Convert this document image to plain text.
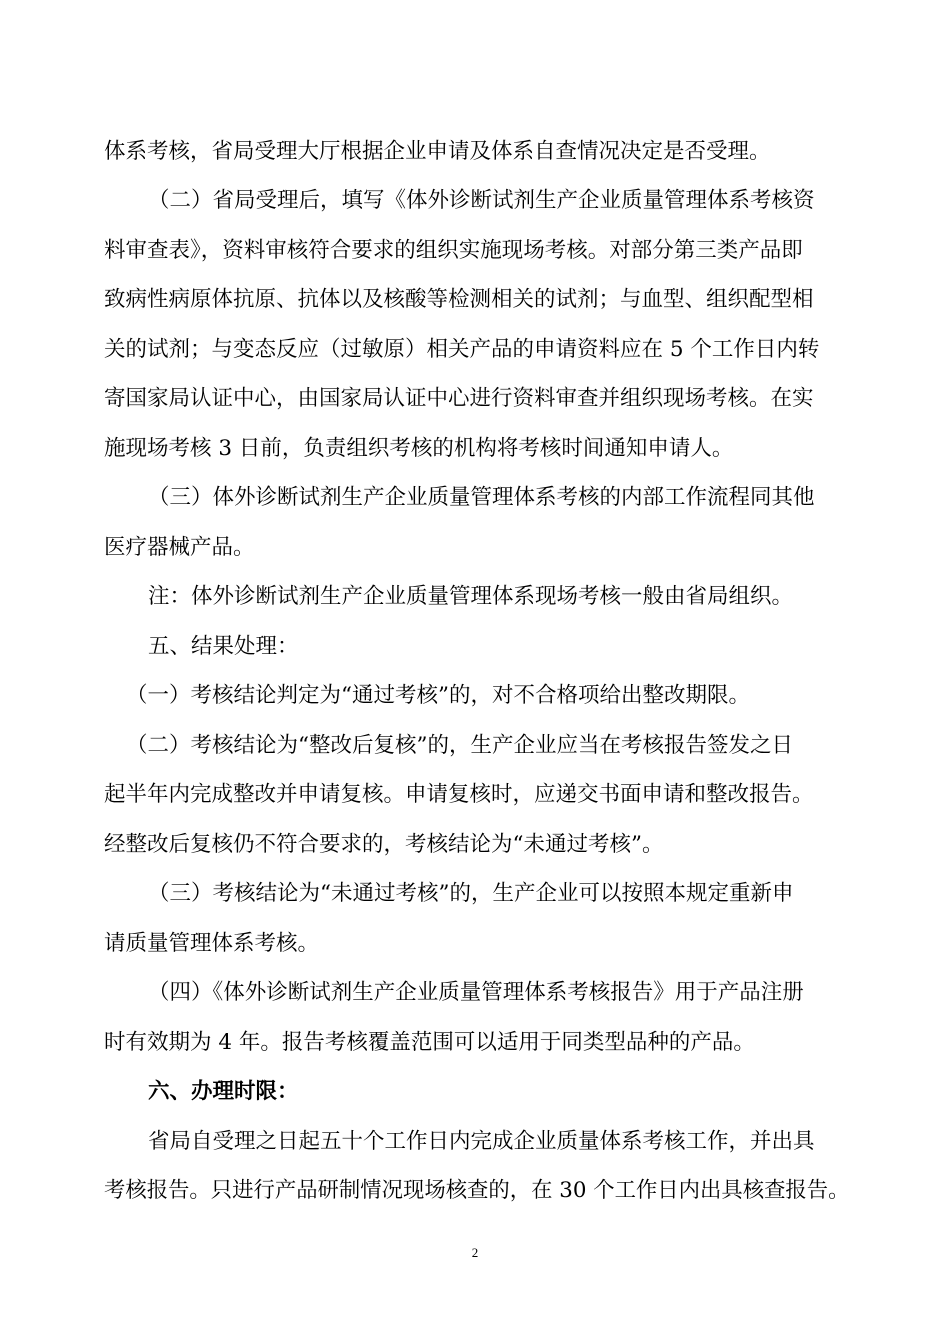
体系考核，省局受理大厅根据企业申请及体系自查情况决定是否受理。
（二）省局受理后，填写《体外诊断试剂生产企业质量管理体系考核资
料审查表》，资料审核符合要求的组织实施现场考核。对部分第三类产品即
致病性病原体抗原、抗体以及核酸等检测相关的试剂；与血型、组织配型相
关的试剂；与变态反应（过敏原）相关产品的申请资料应在 5 个工作日内转
寄国家局认证中心，由国家局认证中心进行资料审查并组织现场考核。在实
施现场考核 3 日前，负责组织考核的机构将考核时间通知申请人。
（三）体外诊断试剂生产企业质量管理体系考核的内部工作流程同其他
医疗器械产品。
注：体外诊断试剂生产企业质量管理体系现场考核一般由省局组织。
五、结果处理：
（一）考核结论判定为“通过考核”的，对不合格项给出整改期限。
（二）考核结论为“整改后复核”的，生产企业应当在考核报告签发之日
起半年内完成整改并申请复核。申请复核时，应递交书面申请和整改报告。
经整改后复核仍不符合要求的，考核结论为“未通过考核”。
（三）考核结论为“未通过考核”的，生产企业可以按照本规定重新申
请质量管理体系考核。
（四）《体外诊断试剂生产企业质量管理体系考核报告》用于产品注册
时有效期为 4 年。报告考核覆盖范围可以适用于同类型品种的产品。
六、办理时限：
省局自受理之日起五十个工作日内完成企业质量体系考核工作，并出具
考核报告。只进行产品研制情况现场核查的，在 30 个工作日内出具核查报告。
2
